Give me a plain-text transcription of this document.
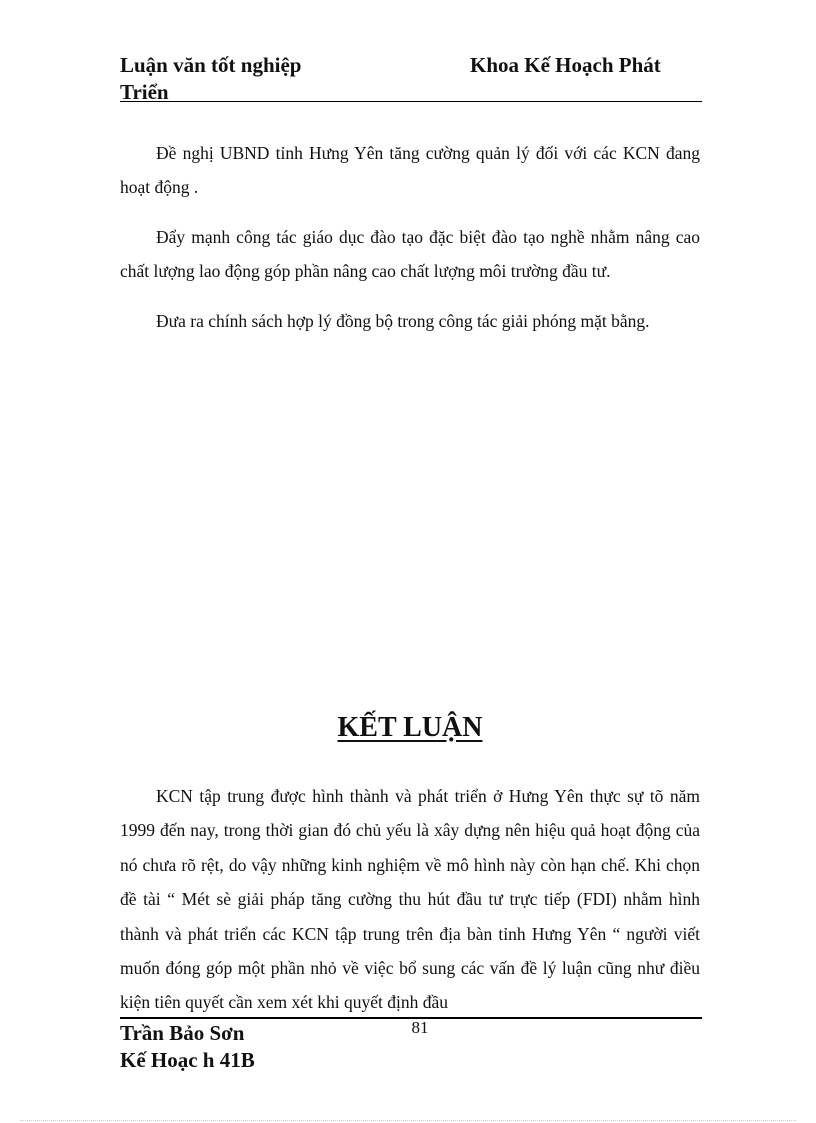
Luận văn tốt nghiệp
Triển
Khoa Kế Hoạch Phát

Đề nghị UBND tỉnh Hưng Yên tăng cường quản lý đối với các KCN đang hoạt động .

Đẩy mạnh công tác giáo dục đào tạo đặc biệt đào tạo nghề nhằm nâng cao chất lượng lao động góp phần nâng cao chất lượng môi trường đầu tư.

Đưa ra chính sách hợp lý đồng bộ trong công tác giải phóng mặt bằng.

KẾT LUẬN

KCN tập trung được hình thành và phát triển ở Hưng Yên thực sự tõ năm 1999 đến nay, trong thời gian đó chủ yếu là xây dựng nên hiệu quả hoạt động của nó chưa rõ rệt, do vậy những kinh nghiệm về mô hình này còn hạn chế. Khi chọn đề tài “ Mét sè giải pháp tăng cường thu hút đầu tư trực tiếp (FDI) nhằm hình thành và phát triển các KCN tập trung trên địa bàn tỉnh Hưng Yên “ người viết muốn đóng góp một phần nhỏ về việc bổ sung các vấn đề lý luận cũng như điều kiện tiên quyết cần xem xét khi quyết định đầu

Trần Bảo Sơn
Kế Hoạc h 41B
81
